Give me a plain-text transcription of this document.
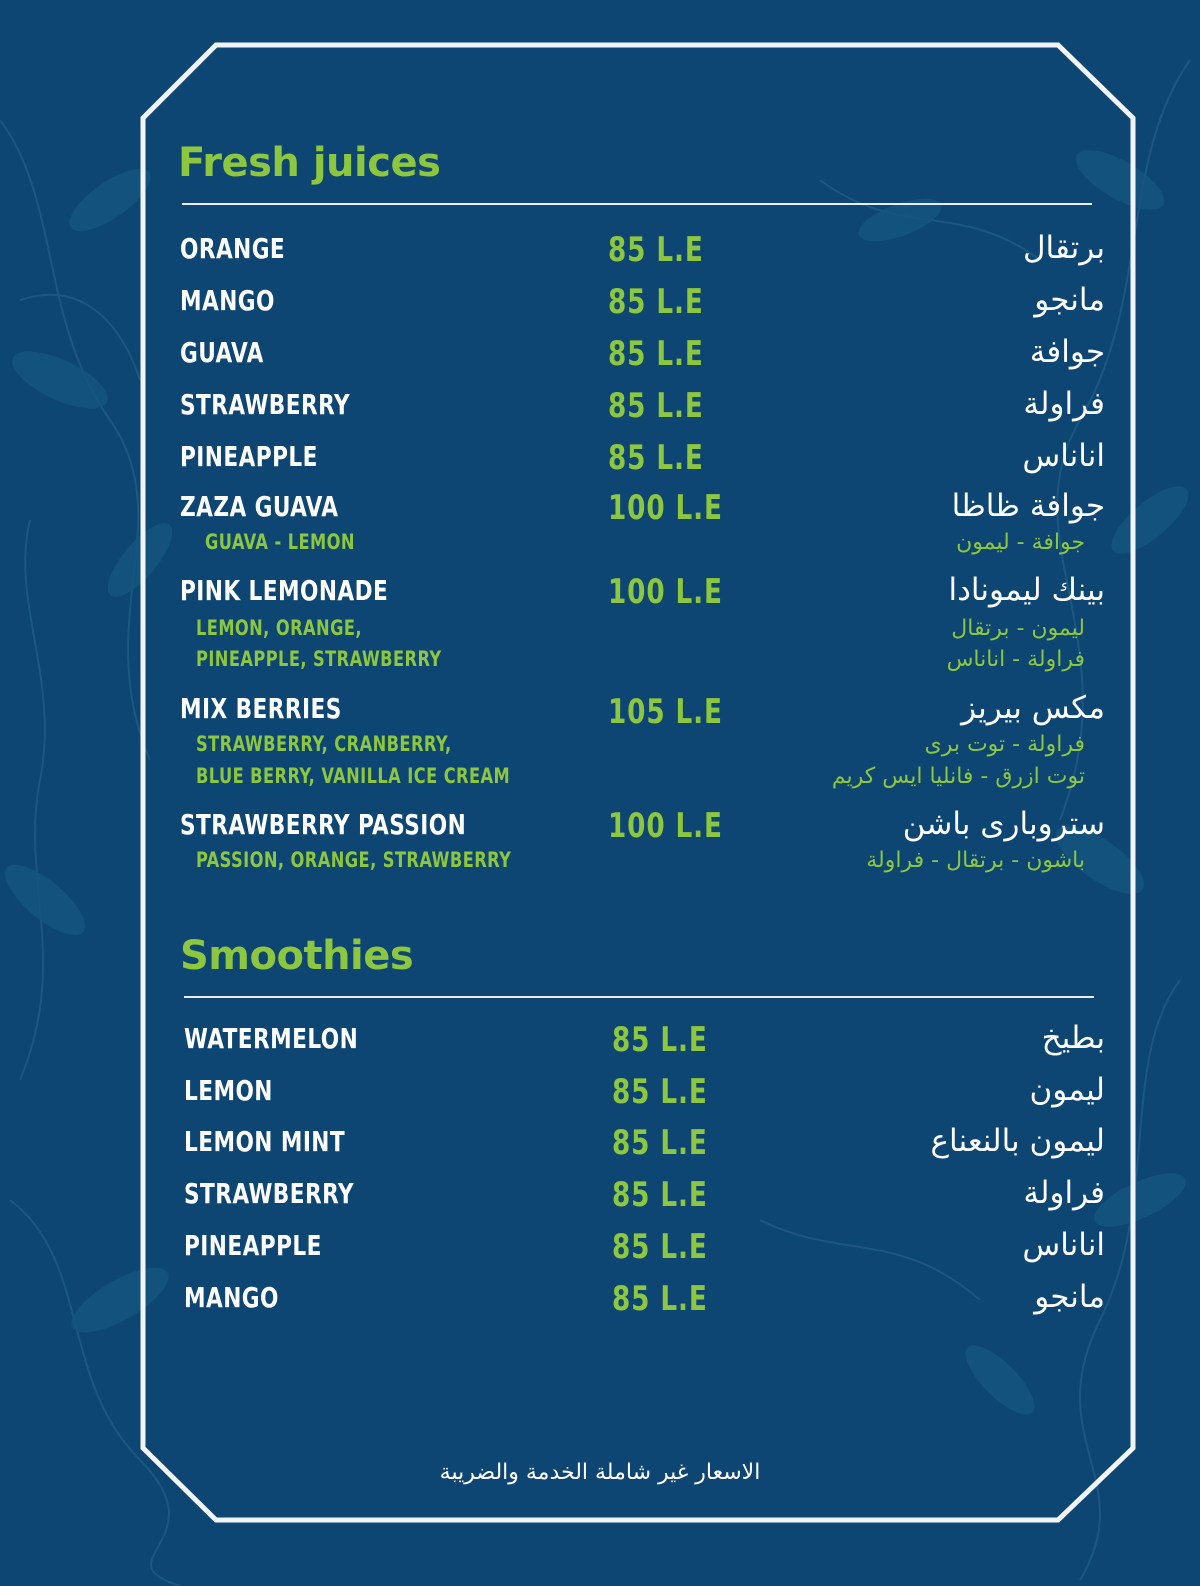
Fresh juices
ORANGE	85 L.E	برتقال
MANGO	85 L.E	مانجو
GUAVA	85 L.E	جوافة
STRAWBERRY	85 L.E	فراولة
PINEAPPLE	85 L.E	اناناس
ZAZA GUAVA	100 L.E	جوافة ظاظا
GUAVA - LEMON	جوافة - ليمون
PINK LEMONADE	100 L.E	بينك ليمونادا
LEMON, ORANGE,
PINEAPPLE, STRAWBERRY
ليمون - برتقال
فراولة - اناناس
MIX BERRIES	105 L.E	مكس بيريز
STRAWBERRY, CRANBERRY,
BLUE BERRY, VANILLA ICE CREAM
فراولة - توت برى
توت ازرق - فانليا ايس كريم
STRAWBERRY PASSION	100 L.E	ستروبارى باشن
PASSION, ORANGE, STRAWBERRY	باشون - برتقال - فراولة
Smoothies
WATERMELON	85 L.E	بطيخ
LEMON	85 L.E	ليمون
LEMON MINT	85 L.E	ليمون بالنعناع
STRAWBERRY	85 L.E	فراولة
PINEAPPLE	85 L.E	اناناس
MANGO	85 L.E	مانجو

الاسعار غير شاملة الخدمة والضريبة
